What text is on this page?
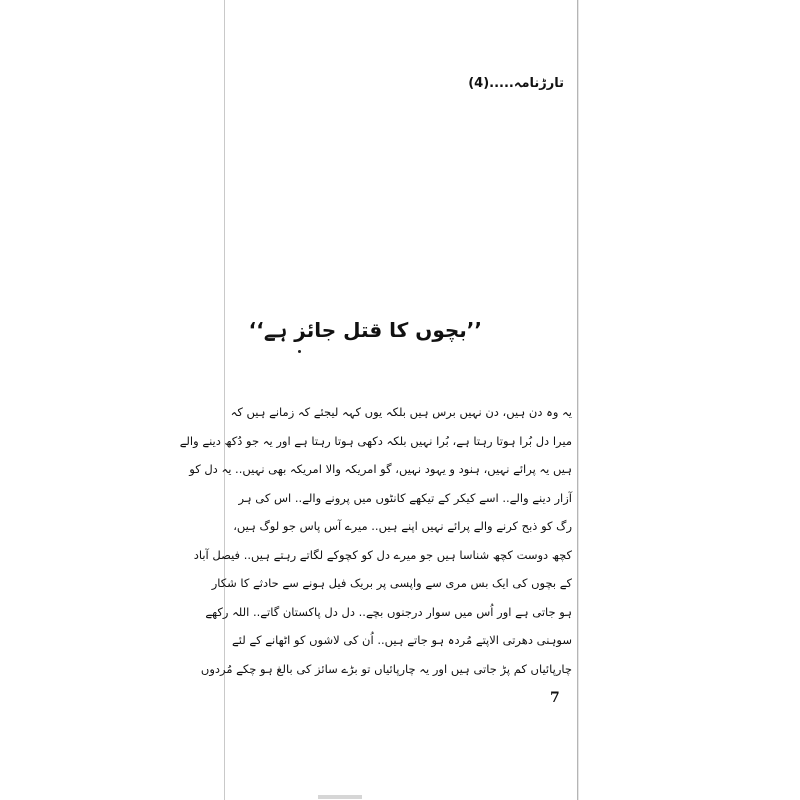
تارڑنامہ.....(4)
’’بچوں کا قتل جائز ہے‘‘
یہ وہ دن ہیں، دن نہیں برس ہیں بلکہ یوں کہہ لیجئے کہ زمانے ہیں کہ
میرا دل بُرا ہوتا رہتا ہے، بُرا نہیں بلکہ دکھی ہوتا رہتا ہے اور یہ جو دُکھ دینے والے
ہیں یہ پرائے نہیں، ہنود و یہود نہیں، گو امریکہ والا امریکہ بھی نہیں.. یہ دل کو
آزار دینے والے.. اسے کیکر کے تیکھے کانٹوں میں پرونے والے.. اس کی ہر
رگ کو ذبح کرنے والے پرائے نہیں اپنے ہیں.. میرے آس پاس جو لوگ ہیں،
کچھ دوست کچھ شناسا ہیں جو میرے دل کو کچوکے لگاتے رہتے ہیں.. فیصل آباد
کے بچوں کی ایک بس مری سے واپسی پر بریک فیل ہونے سے حادثے کا شکار
ہو جاتی ہے اور اُس میں سوار درجنوں بچے.. دل دل پاکستان گاتے.. اللہ رکھے
سوہنی دھرتی الاپتے مُردہ ہو جاتے ہیں.. اُن کی لاشوں کو اٹھانے کے لئے
چارپائیاں کم پڑ جاتی ہیں اور یہ چارپائیاں تو بڑے سائز کی بالغ ہو چکے مُردوں
7
